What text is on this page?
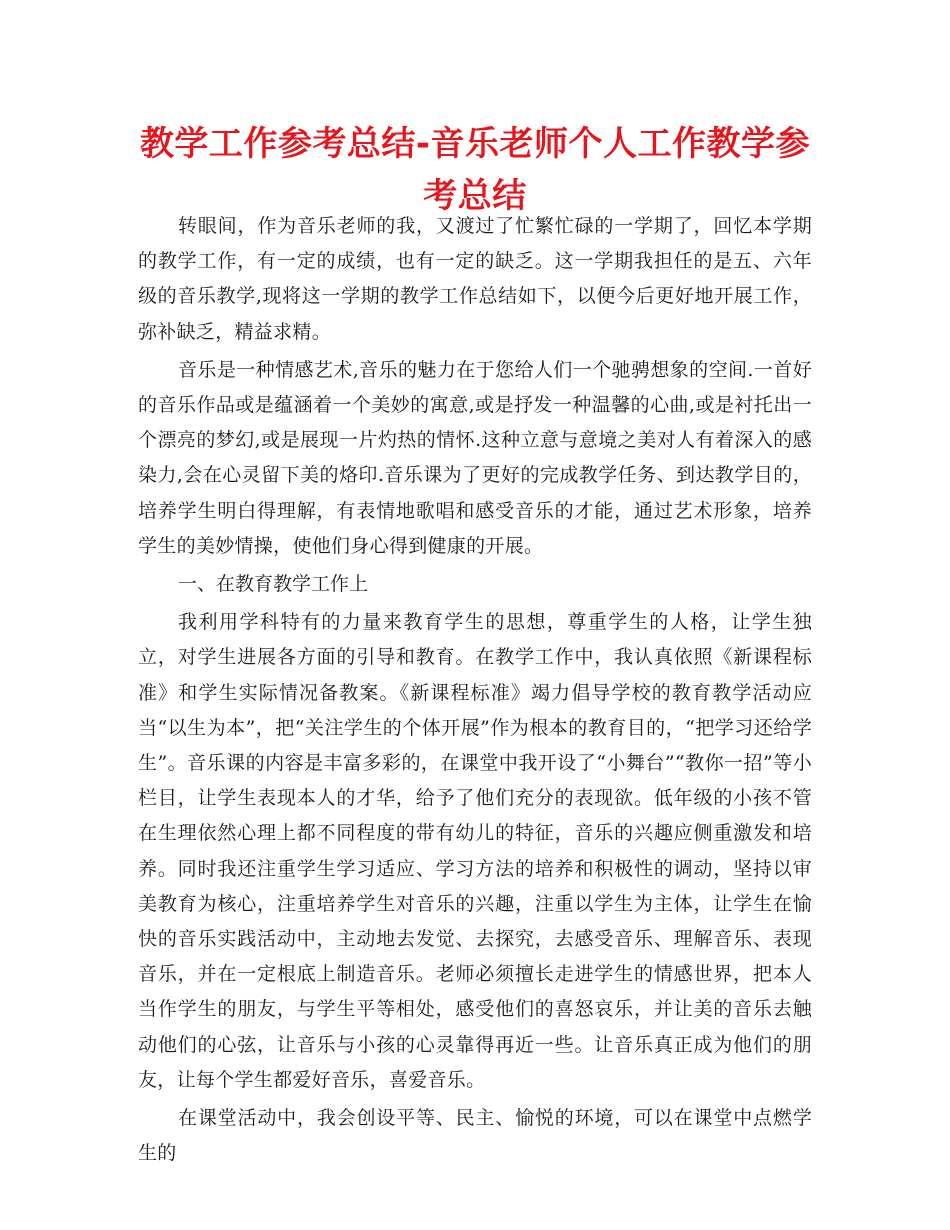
教学工作参考总结-音乐老师个人工作教学参考总结

转眼间，作为音乐老师的我，又渡过了忙繁忙碌的一学期了，回忆本学期的教学工作，有一定的成绩，也有一定的缺乏。这一学期我担任的是五、六年级的音乐教学,现将这一学期的教学工作总结如下，以便今后更好地开展工作，弥补缺乏，精益求精。

音乐是一种情感艺术,音乐的魅力在于您给人们一个驰骋想象的空间.一首好的音乐作品或是蕴涵着一个美妙的寓意,或是抒发一种温馨的心曲,或是衬托出一个漂亮的梦幻,或是展现一片灼热的情怀.这种立意与意境之美对人有着深入的感染力,会在心灵留下美的烙印.音乐课为了更好的完成教学任务、到达教学目的，培养学生明白得理解，有表情地歌唱和感受音乐的才能，通过艺术形象，培养学生的美妙情操，使他们身心得到健康的开展。

一、在教育教学工作上

我利用学科特有的力量来教育学生的思想，尊重学生的人格，让学生独立，对学生进展各方面的引导和教育。在教学工作中，我认真依照《新课程标准》和学生实际情况备教案。《新课程标准》竭力倡导学校的教育教学活动应当“以生为本”，把“关注学生的个体开展”作为根本的教育目的，“把学习还给学生”。音乐课的内容是丰富多彩的，在课堂中我开设了“小舞台”“教你一招”等小栏目，让学生表现本人的才华，给予了他们充分的表现欲。低年级的小孩不管在生理依然心理上都不同程度的带有幼儿的特征，音乐的兴趣应侧重激发和培养。同时我还注重学生学习适应、学习方法的培养和积极性的调动，坚持以审美教育为核心，注重培养学生对音乐的兴趣，注重以学生为主体，让学生在愉快的音乐实践活动中，主动地去发觉、去探究，去感受音乐、理解音乐、表现音乐，并在一定根底上制造音乐。老师必须擅长走进学生的情感世界，把本人当作学生的朋友，与学生平等相处，感受他们的喜怒哀乐，并让美的音乐去触动他们的心弦，让音乐与小孩的心灵靠得再近一些。让音乐真正成为他们的朋友，让每个学生都爱好音乐，喜爱音乐。

在课堂活动中，我会创设平等、民主、愉悦的环境，可以在课堂中点燃学生的
